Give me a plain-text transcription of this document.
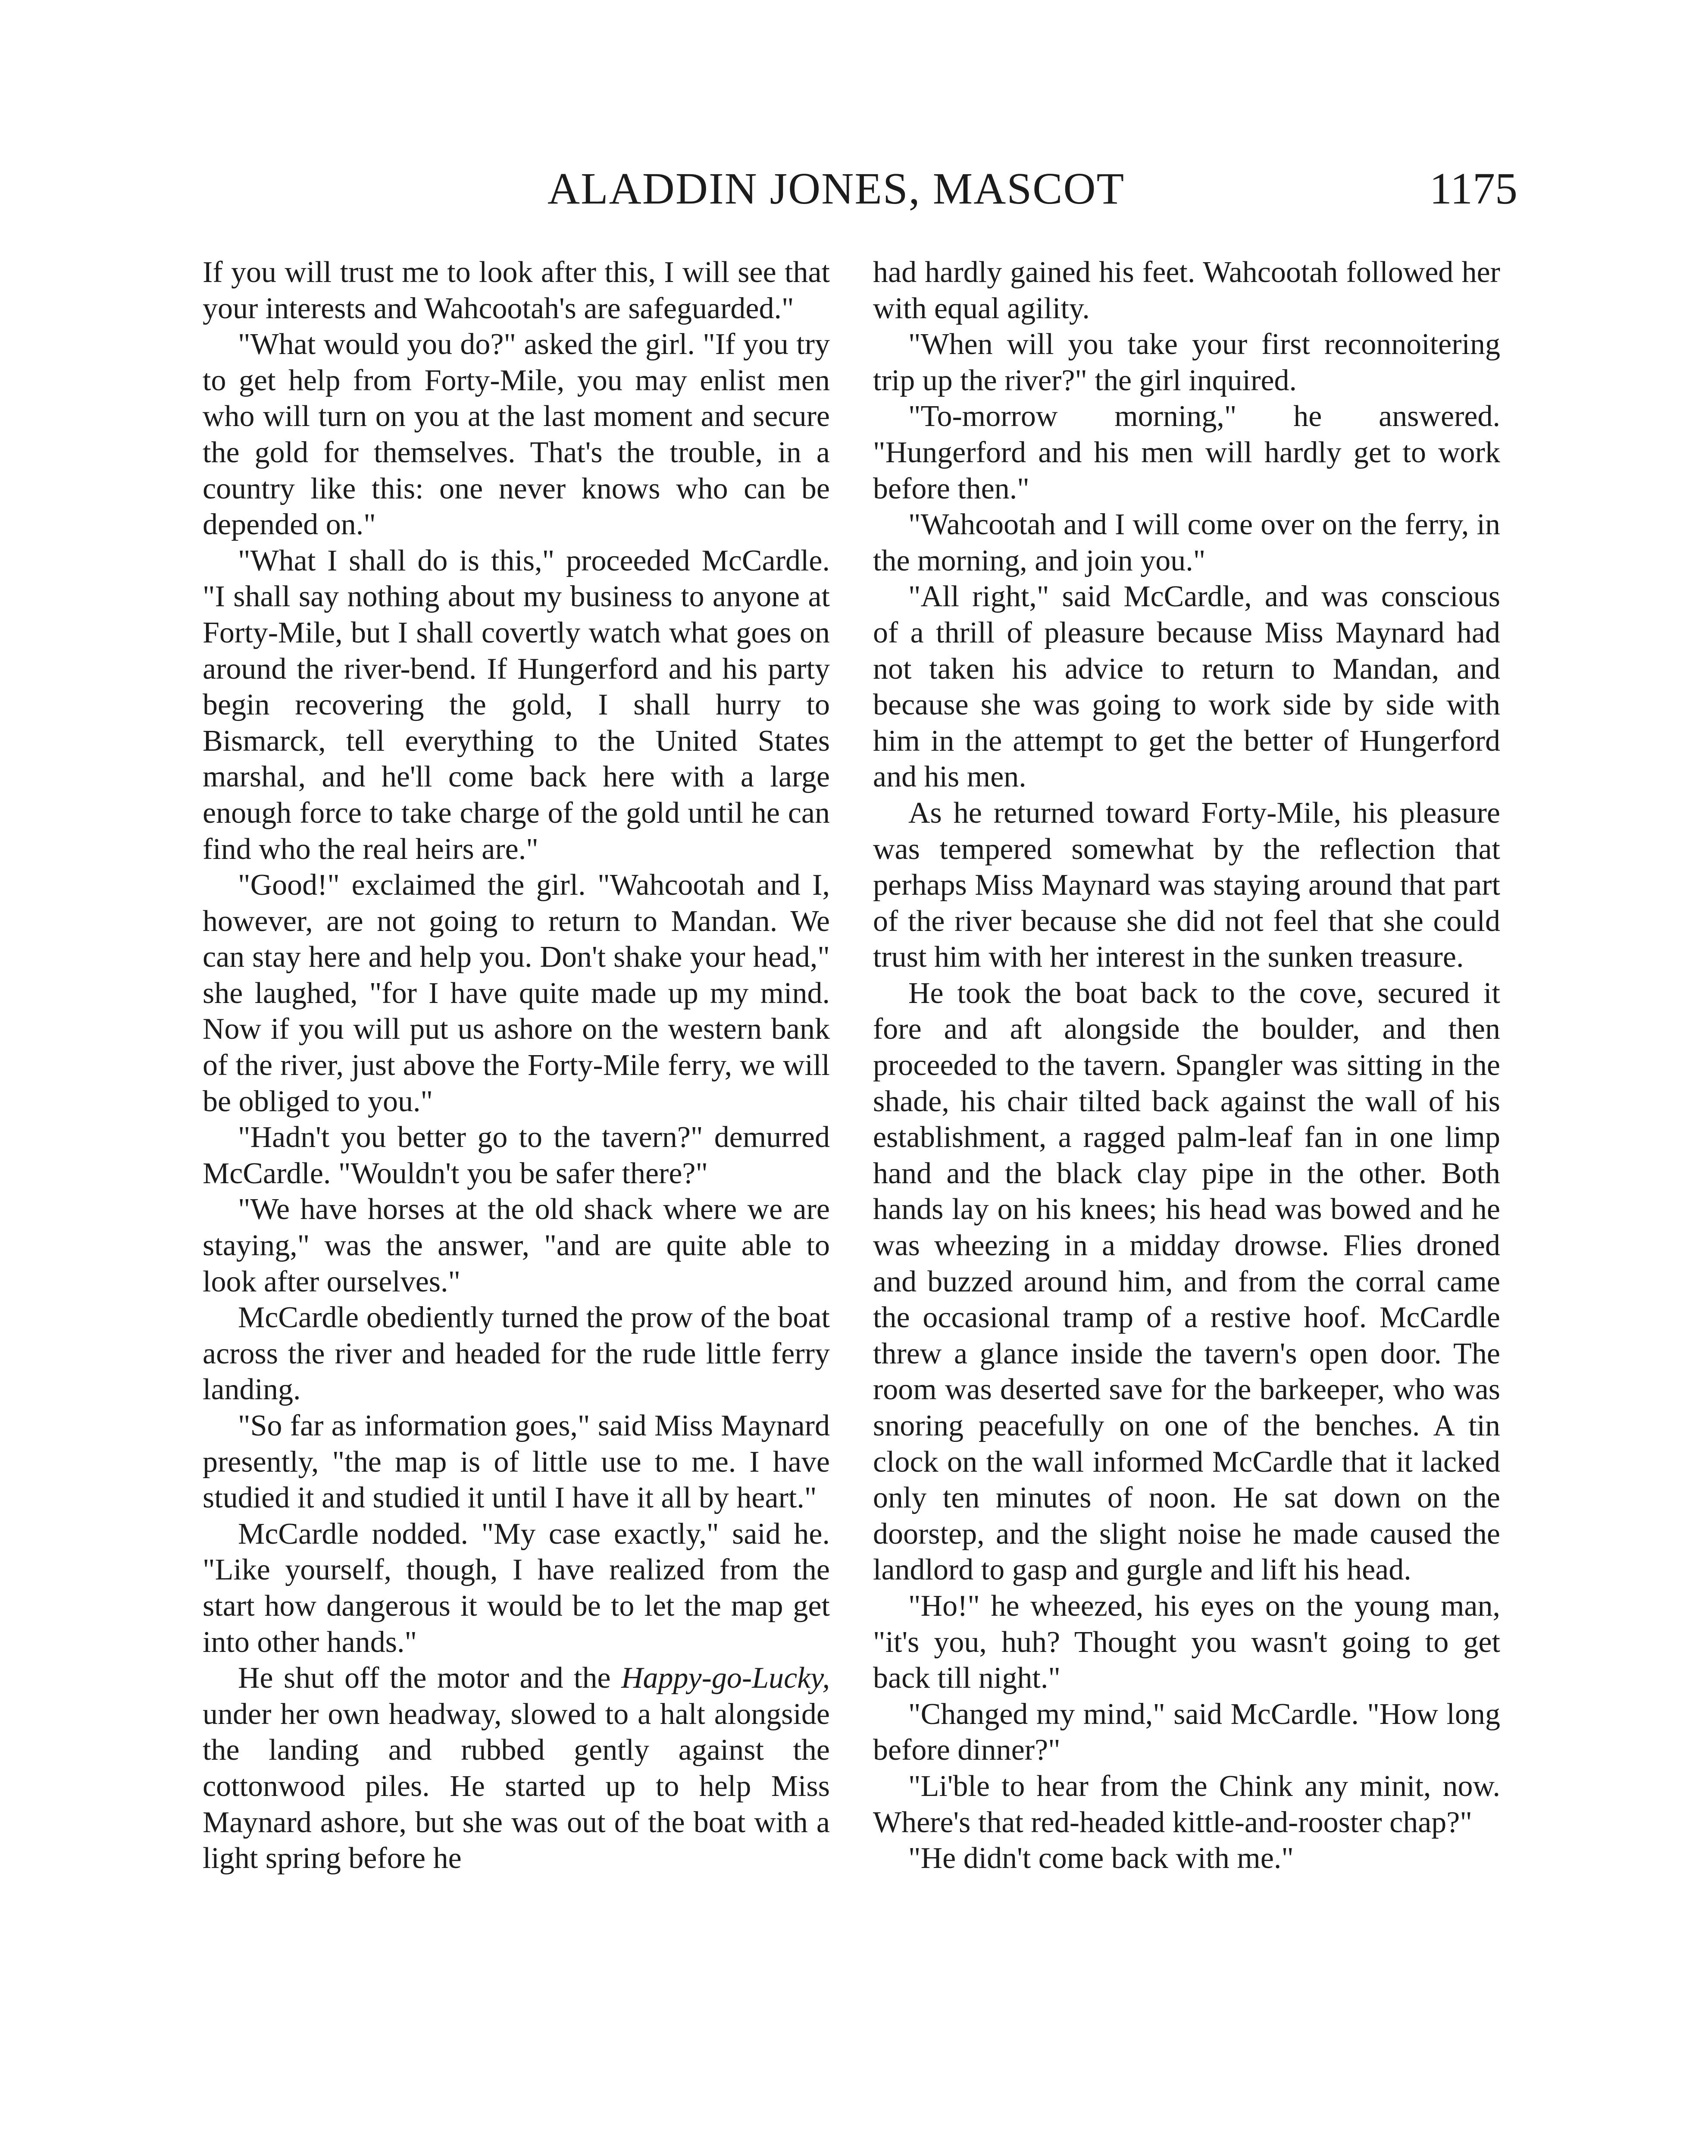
ALADDIN JONES, MASCOT	1175

If you will trust me to look after this, I will see that your interests and Wahcootah's are safeguarded."

"What would you do?" asked the girl. "If you try to get help from Forty-Mile, you may enlist men who will turn on you at the last moment and secure the gold for themselves. That's the trouble, in a country like this: one never knows who can be depended on."

"What I shall do is this," proceeded McCardle. "I shall say nothing about my business to anyone at Forty-Mile, but I shall covertly watch what goes on around the river-bend. If Hungerford and his party begin recovering the gold, I shall hurry to Bismarck, tell everything to the United States marshal, and he'll come back here with a large enough force to take charge of the gold until he can find who the real heirs are."

"Good!" exclaimed the girl. "Wahcootah and I, however, are not going to return to Mandan. We can stay here and help you. Don't shake your head," she laughed, "for I have quite made up my mind. Now if you will put us ashore on the western bank of the river, just above the Forty-Mile ferry, we will be obliged to you."

"Hadn't you better go to the tavern?" demurred McCardle. "Wouldn't you be safer there?"

"We have horses at the old shack where we are staying," was the answer, "and are quite able to look after ourselves."

McCardle obediently turned the prow of the boat across the river and headed for the rude little ferry landing.

"So far as information goes," said Miss Maynard presently, "the map is of little use to me. I have studied it and studied it until I have it all by heart."

McCardle nodded. "My case exactly," said he. "Like yourself, though, I have realized from the start how dangerous it would be to let the map get into other hands."

He shut off the motor and the Happy-go-Lucky, under her own headway, slowed to a halt alongside the landing and rubbed gently against the cottonwood piles. He started up to help Miss Maynard ashore, but she was out of the boat with a light spring before he

had hardly gained his feet. Wahcootah followed her with equal agility.

"When will you take your first reconnoitering trip up the river?" the girl inquired.

"To-morrow morning," he answered. "Hungerford and his men will hardly get to work before then."

"Wahcootah and I will come over on the ferry, in the morning, and join you."

"All right," said McCardle, and was conscious of a thrill of pleasure because Miss Maynard had not taken his advice to return to Mandan, and because she was going to work side by side with him in the attempt to get the better of Hungerford and his men.

As he returned toward Forty-Mile, his pleasure was tempered somewhat by the reflection that perhaps Miss Maynard was staying around that part of the river because she did not feel that she could trust him with her interest in the sunken treasure.

He took the boat back to the cove, secured it fore and aft alongside the boulder, and then proceeded to the tavern. Spangler was sitting in the shade, his chair tilted back against the wall of his establishment, a ragged palm-leaf fan in one limp hand and the black clay pipe in the other. Both hands lay on his knees; his head was bowed and he was wheezing in a midday drowse. Flies droned and buzzed around him, and from the corral came the occasional tramp of a restive hoof. McCardle threw a glance inside the tavern's open door. The room was deserted save for the barkeeper, who was snoring peacefully on one of the benches. A tin clock on the wall informed McCardle that it lacked only ten minutes of noon. He sat down on the doorstep, and the slight noise he made caused the landlord to gasp and gurgle and lift his head.

"Ho!" he wheezed, his eyes on the young man, "it's you, huh? Thought you wasn't going to get back till night."

"Changed my mind," said McCardle. "How long before dinner?"

"Li'ble to hear from the Chink any minit, now. Where's that red-headed kittle-and-rooster chap?"

"He didn't come back with me."
